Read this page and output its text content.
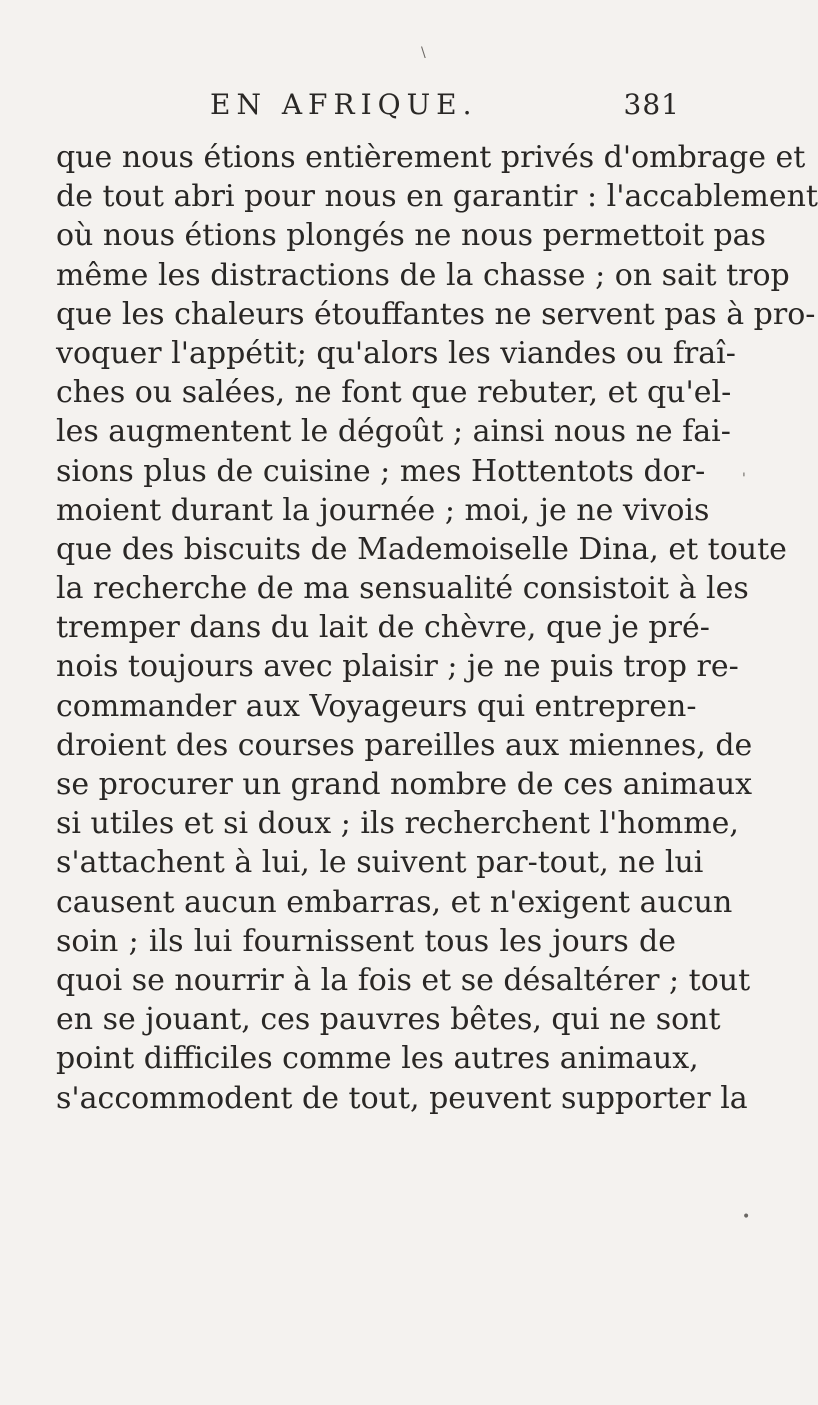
\
EN AFRIQUE.	381
que nous étions entièrement privés d'ombrage et
de tout abri pour nous en garantir : l'accablement
où nous étions plongés ne nous permettoit pas
même les distractions de la chasse ; on sait trop
que les chaleurs étouffantes ne servent pas à pro-
voquer l'appétit; qu'alors les viandes ou fraî-
ches ou salées, ne font que rebuter, et qu'el-
les augmentent le dégoût ; ainsi nous ne fai-
sions plus de cuisine ; mes Hottentots dor-
moient durant la journée ; moi, je ne vivois
que des biscuits de Mademoiselle Dina, et toute
la recherche de ma sensualité consistoit à les
tremper dans du lait de chèvre, que je pré-
nois toujours avec plaisir ; je ne puis trop re-
commander aux Voyageurs qui entrepren-
droient des courses pareilles aux miennes, de
se procurer un grand nombre de ces animaux
si utiles et si doux ; ils recherchent l'homme,
s'attachent à lui, le suivent par-tout, ne lui
causent aucun embarras, et n'exigent aucun
soin ; ils lui fournissent tous les jours de
quoi se nourrir à la fois et se désaltérer ; tout
en se jouant, ces pauvres bêtes, qui ne sont
point difficiles comme les autres animaux,
s'accommodent de tout, peuvent supporter la
'
•
